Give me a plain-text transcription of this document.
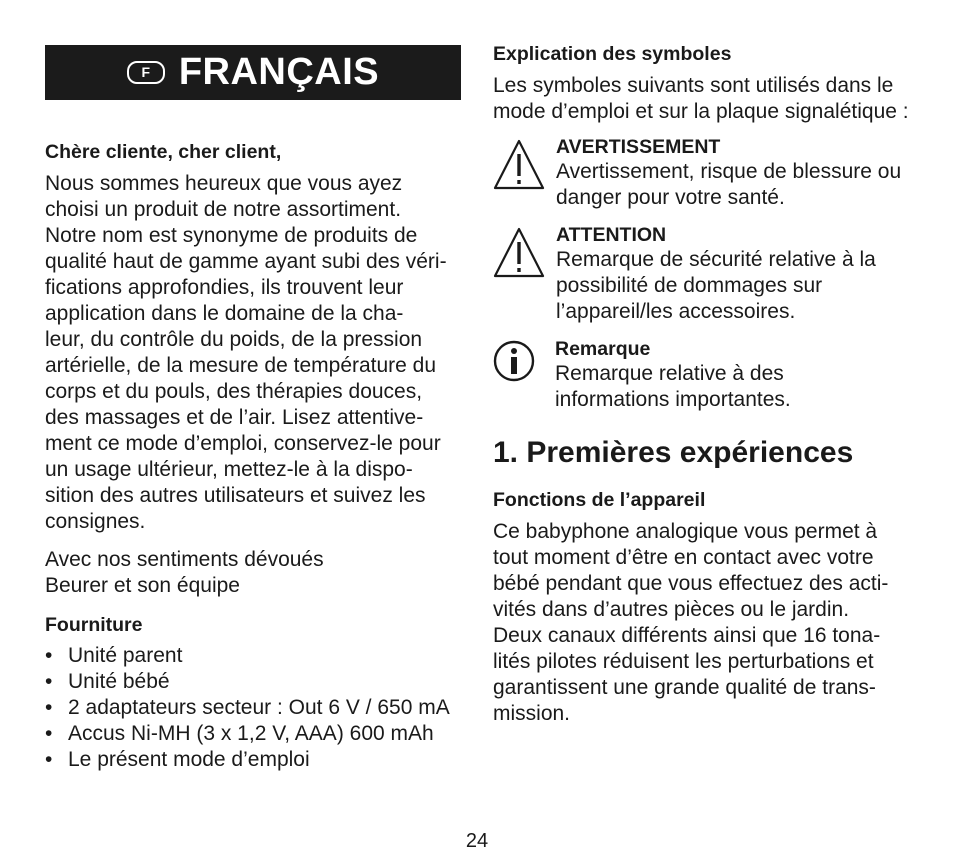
F FRANÇAIS
Chère cliente, cher client,
Nous sommes heureux que vous ayez
choisi un produit de notre assortiment.
Notre nom est synonyme de produits de
qualité haut de gamme ayant subi des véri-
fications approfondies, ils trouvent leur
application dans le domaine de la cha-
leur, du contrôle du poids, de la pression
artérielle, de la mesure de température du
corps et du pouls, des thérapies douces,
des massages et de l’air. Lisez attentive-
ment ce mode d’emploi, conservez-le pour
un usage ultérieur, mettez-le à la dispo-
sition des autres utilisateurs et suivez les
consignes.
Avec nos sentiments dévoués
Beurer et son équipe
Fourniture
• Unité parent
• Unité bébé
• 2 adaptateurs secteur : Out 6 V / 650 mA
• Accus Ni-MH (3 x 1,2 V, AAA) 600 mAh
• Le présent mode d’emploi
Explication des symboles
Les symboles suivants sont utilisés dans le
mode d’emploi et sur la plaque signalétique :
AVERTISSEMENT
Avertissement, risque de blessure ou
danger pour votre santé.
ATTENTION
Remarque de sécurité relative à la
possibilité de dommages sur
l’appareil/les accessoires.
Remarque
Remarque relative à des
informations importantes.
1. Premières expériences
Fonctions de l’appareil
Ce babyphone analogique vous permet à
tout moment d’être en contact avec votre
bébé pendant que vous effectuez des acti-
vités dans d’autres pièces ou le jardin.
Deux canaux différents ainsi que 16 tona-
lités pilotes réduisent les perturbations et
garantissent une grande qualité de trans-
mission.
24
